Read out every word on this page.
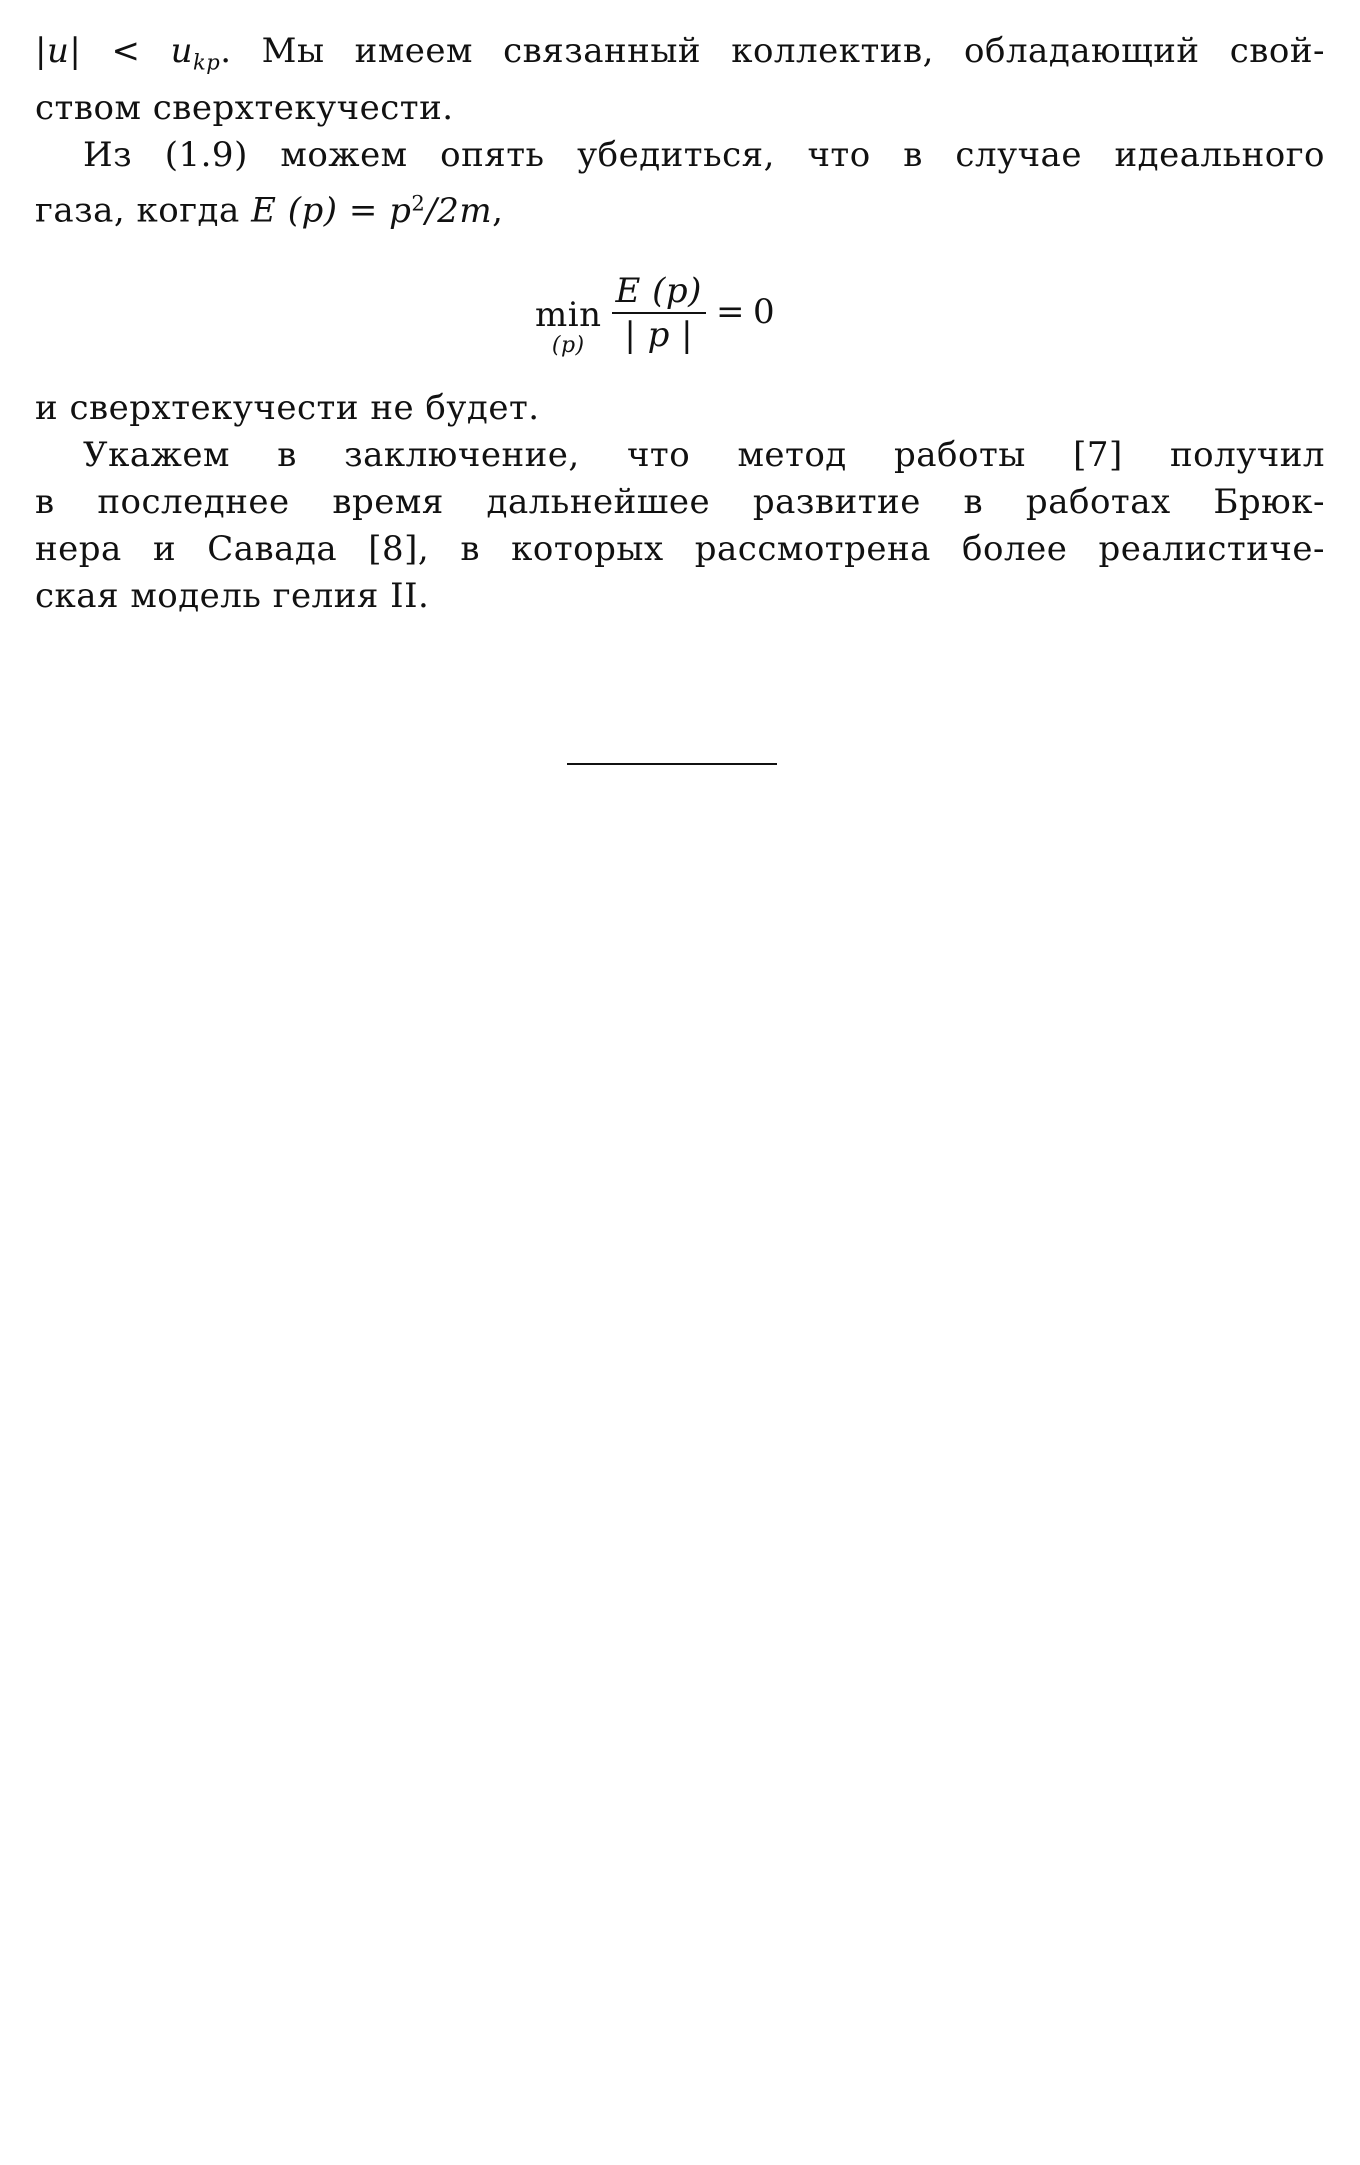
$|u| < u_{kp}$. Мы имеем связанный коллектив, обладающий свой-
ством сверхтекучести.
Из (1.9) можем опять убедиться, что в случае идеального
газа, когда E $(p) = p^2/2m$,
min
$(p) \frac{E (p)}{| p |} = 0$
и сверхтекучести не будет.
Укажем в заключение, что метод работы [7] получил
в последнее время дальнейшее развитие в работах Брюк-
нера и Савада [8], в которых рассмотрена более реалистиче-
ская модель гелия II.
